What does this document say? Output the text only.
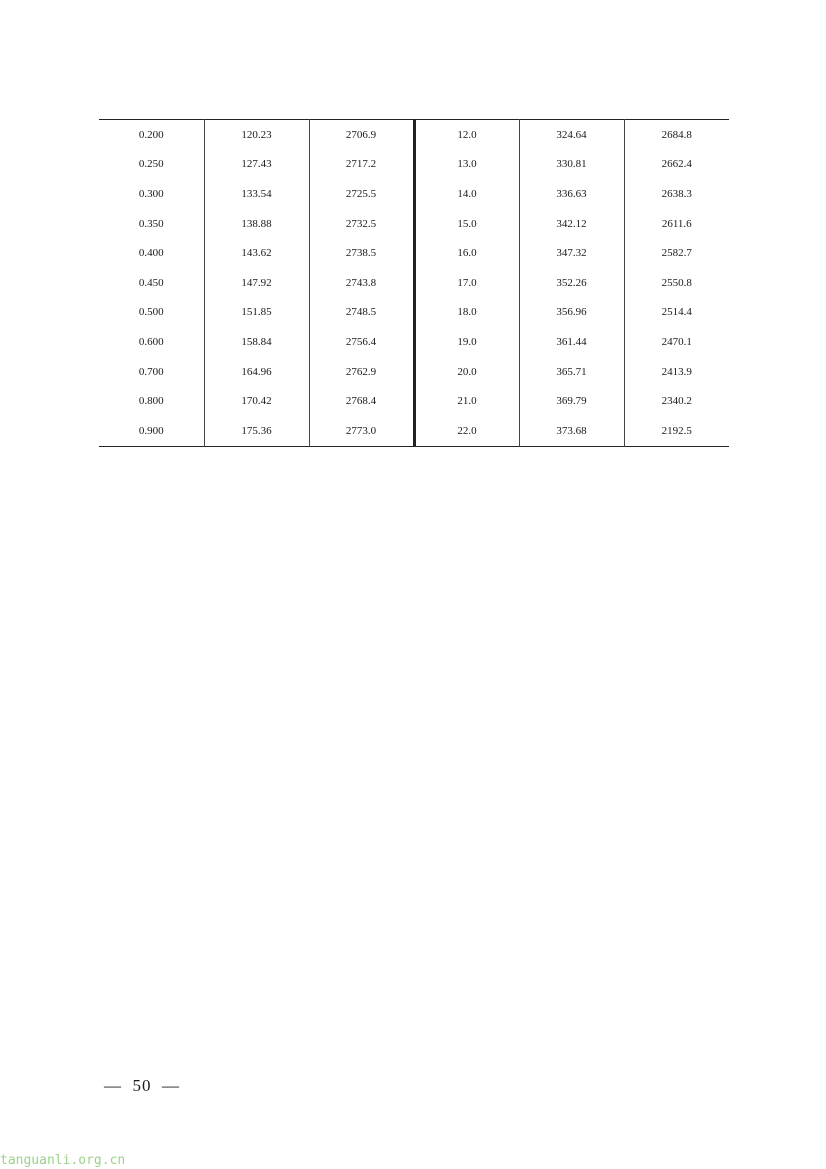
0.200	120.23	2706.9	12.0	324.64	2684.8
0.250	127.43	2717.2	13.0	330.81	2662.4
0.300	133.54	2725.5	14.0	336.63	2638.3
0.350	138.88	2732.5	15.0	342.12	2611.6
0.400	143.62	2738.5	16.0	347.32	2582.7
0.450	147.92	2743.8	17.0	352.26	2550.8
0.500	151.85	2748.5	18.0	356.96	2514.4
0.600	158.84	2756.4	19.0	361.44	2470.1
0.700	164.96	2762.9	20.0	365.71	2413.9
0.800	170.42	2768.4	21.0	369.79	2340.2
0.900	175.36	2773.0	22.0	373.68	2192.5
—  50  —
tanguanli.org.cn
